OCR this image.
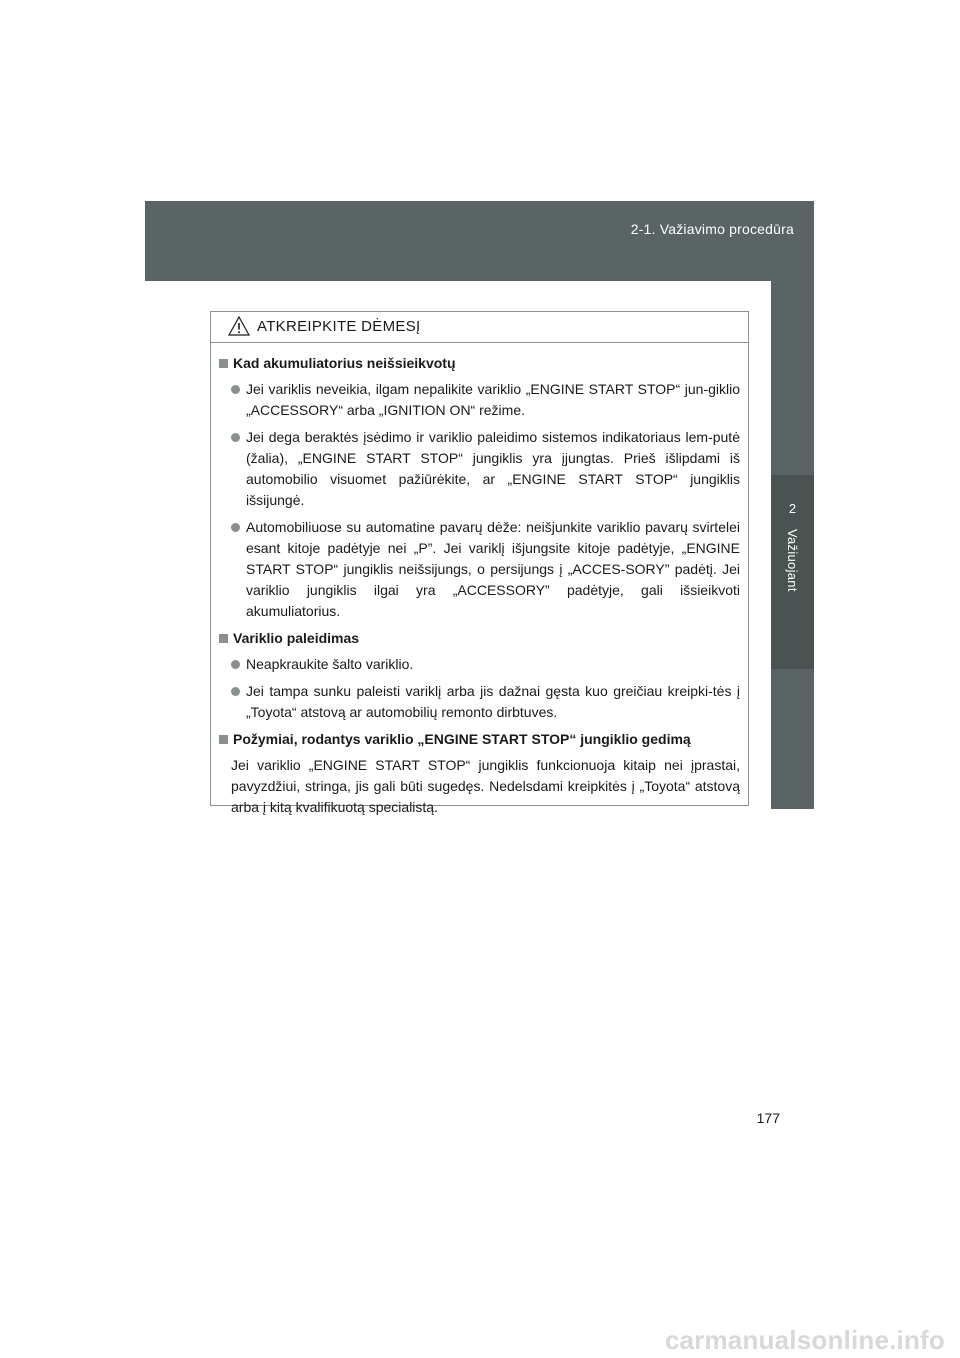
2-1. Važiavimo procedūra
2
Važiuojant
ATKREIPKITE DĖMESĮ
Kad akumuliatorius neišsieikvotų
Jei variklis neveikia, ilgam nepalikite variklio „ENGINE START STOP“ jun-giklio „ACCESSORY“ arba „IGNITION ON“ režime.
Jei dega beraktės įsėdimo ir variklio paleidimo sistemos indikatoriaus lem-putė (žalia), „ENGINE START STOP“ jungiklis yra įjungtas. Prieš išlipdami iš automobilio visuomet pažiūrėkite, ar „ENGINE START STOP“ jungiklis išsijungė.
Automobiliuose su automatine pavarų dėže: neišjunkite variklio pavarų svirtelei esant kitoje padėtyje nei „P”. Jei variklį išjungsite kitoje padėtyje, „ENGINE START STOP“ jungiklis neišsijungs, o persijungs į „ACCES-SORY” padėtį. Jei variklio jungiklis ilgai yra „ACCESSORY” padėtyje, gali išsieikvoti akumuliatorius.
Variklio paleidimas
Neapkraukite šalto variklio.
Jei tampa sunku paleisti variklį arba jis dažnai gęsta kuo greičiau kreipki-tės į „Toyota“ atstovą ar automobilių remonto dirbtuves.
Požymiai, rodantys variklio „ENGINE START STOP“ jungiklio gedimą
Jei variklio „ENGINE START STOP“ jungiklis funkcionuoja kitaip nei įprastai, pavyzdžiui, stringa, jis gali būti sugedęs. Nedelsdami kreipkitės į „Toyota“ atstovą arba į kitą kvalifikuotą specialistą.
177
carmanualsonline.info
